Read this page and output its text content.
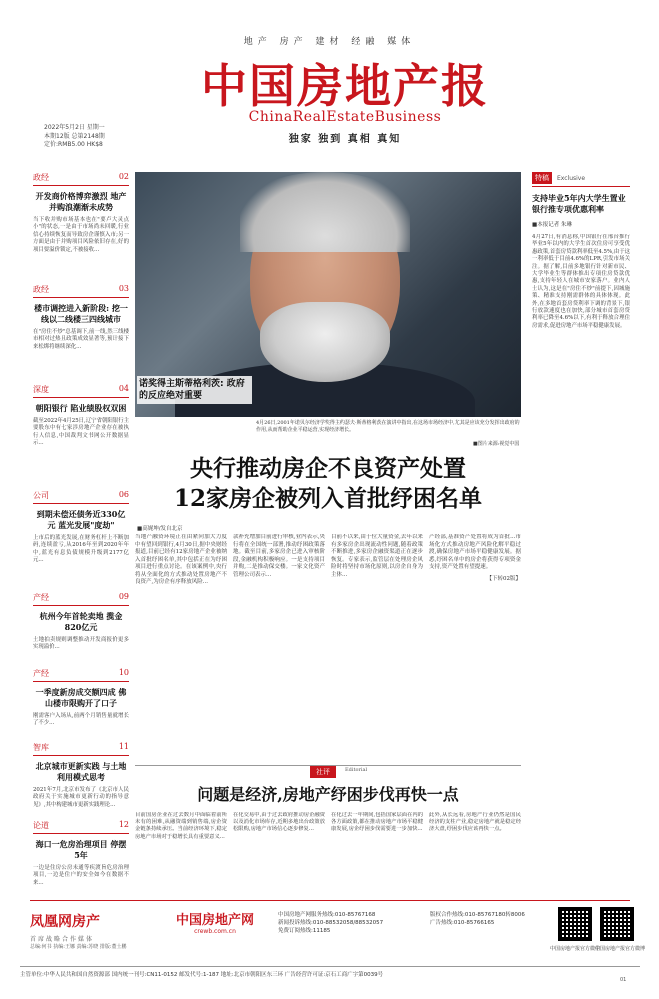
地产 房产 建材 经融 媒体
中国房地产报
ChinaRealEstateBusiness
独家 独到 真相 真知
2022年5月2日 星期一
本期12版 总第2148期
定价:RMB5.00 HK$8
政经	02
开发商价格博弈激烈 地产并购浪潮渐未成势
当下收并购市场基本也在"要卢大灵点小"的状态,一是由于市场尚未回暖,行业信心持续恢复而导致房企谨慎入市;另一方面是由于并购项目风险依旧存在,好的项目要溢价锁定,不被接收...
政经	03
楼市调控进入新阶段: 挖一线以二线楼三四线城市
在"房住不炒"总基调下,前一线,然三线楼市相对过热且政策成效显著等,预计接下来松绑将继续深化...
深度	04
朝阳银行 陷业绩股权双困
截至2022年4月25日,辽宁省朝阳银行主要股东中有七家涉房地产企业存在被执行人信息,中国裁判文书网公开数据显示...
公司	06
到期未偿还债务近330亿元 蓝光发展"度劫"
上市后的蓝光发展,在财务杠杆上不断加码,连续盈亏,从2016年至到2020年年中,蓝光有息负债规模升级到2177亿元...
产经	09
杭州今年首轮卖地 揽金820亿元
土地拍卖规则调整推动开发商报价更多实现溢价...
产经	10
一季度新房成交额四成 佛山楼市限购开了口子
刚需客户入场从,前两个月销售量就增长了不少...
智库	11
北京城市更新实践 与土地利用模式思考
2021年7月,北京市发布了《北京市人民政府关于实施城市更新行动的指导意见》,其中构建城市更新实践理论...
论道	12
海口一危房治理项目 停摆5年
一边是住房公房未通等疾渡旨危房治理项目,一边是住户的安全如今在数据不来...
诺奖得主斯蒂格利茨: 政府的反应绝对重要
4月26日,2001年诺贝尔经济学奖得主约瑟夫·斯蒂格利茨在演讲中指出,在这场市场经济中,尤其是应该充分发挥出政府的作用,从而帮助企业平稳运营,实现经济增长。
■图片来源:视觉中国
央行推动房企不良资产处置
12家房企被列入首批纾困名单
■高娓坤/发自北京
当地产融资环境正在由紧向加大力度中有望回到银行,4月30日,据中央财经报道,目前已经有12家房地产企业被纳入首批纾困名单,其中包括正在为纾困项目进行重点讨论。在该案例中,央行将从全面化的方式推动处置房地产不良资产,为房企有序释放风险...
款补充增加目前进行审核,业内表示,央行将在全国统一部署,推动纾困政策落地。截至目前,多家房企已进入审核阶段,金融机构积极响应。一是支持项目并购,二是推动保交楼。一家文化资产管理公司表示...
目前不以来,由于位大量资金,去年以来有多家房企出现流动性问题,随着政策不断推进,多家房企融资渠道正在逐步恢复。专家表示,监管层在处理房企风险时将坚持市场化原则,以房企自身为主体...
产经部,基准资产处置将成为首批...市场化方式推动房地产风险化解平稳过渡,确保房地产市场平稳健康发展。据悉,纾困名单中的房企将获得专项资金支持,资产处置有望提速。
【下转02版】
社评	Editorial
问题是经济,房地产纾困步伐再快一点
目前国房企业在过去数月中面临着前所未有的困难,从融资端到销售端,房企资金链条持续承压。当前经济环境下,稳定房地产市场对于稳增长具有重要意义...
在化交易中,由于过去政府推动房企融资以及消化市场库存,近期多地出台政策放松限购,房地产市场信心逐步修复...
在化过去一年期间,包括国家层面在内的各方面政策,都在推动房地产市场平稳健康发展,房企纾困步伐需要进一步加快...
此外,从长远看,房地产行业仍然是国民经济的支柱产业,稳定房地产就是稳定经济大盘,纾困步伐应该再快一点。
特稿	Exclusive
支持毕业5年内大学生置业 银行推专项优惠利率
■本报记者 朱琳
4月27日,有消息称,中国银行在邢台推行毕业5年以内的大学生首次住房可享受优惠政策,首套房贷款利率低至4.5%,由于这一利率低于目前4.6%的LPR,引发市场关注。据了解,目前多地银行针对新市民、大学毕业生等群体推出专项住房贷款优惠,支持年轻人在城市安家落户。业内人士认为,这是在"房住不炒"前提下,因城施策、精准支持刚需群体的具体体现。此外,在多地首套房贷利率下调的背景下,银行放款速度也在加快,部分城市首套房贷利率已降至4.6%以下,有利于释放合理住房需求,促进房地产市场平稳健康发展。
凤凰网房产
首席战略合作媒体
总编:何书 执编:王娜 责编:苏晓 排版:董士鹏
中国房地产网
crewb.com.cn
中国房地产网服务热线:010-85767168
新闻投诉热线:010-88532058/88532057
免费订阅热线:11185
版权合作热线:010-85767180转8006
广告热线:010-85766165
中国房地产报官方微信
中国房地产报官方微博
主管单位:中华人民共和国自然资源部 国内统一刊号:CN11-0152 邮发代号:1-187 地址:北京市朝阳区东三环 广告经营许可证:京石工商广字第0039号
01
